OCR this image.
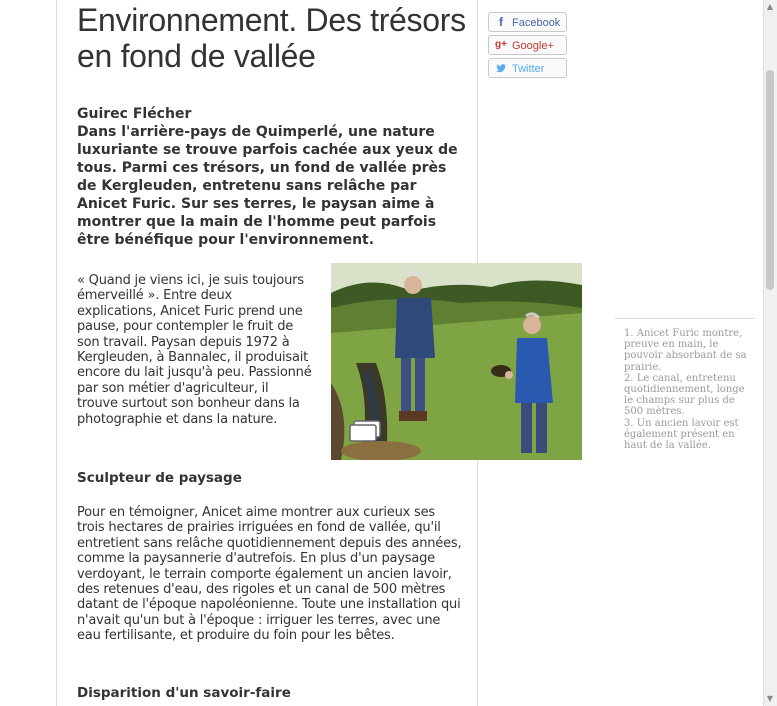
Environnement. Des trésors en fond de vallée

Guirec Flécher

Dans l'arrière-pays de Quimperlé, une nature luxuriante se trouve parfois cachée aux yeux de tous. Parmi ces trésors, un fond de vallée près de Kergleuden, entretenu sans relâche par Anicet Furic. Sur ses terres, le paysan aime à montrer que la main de l'homme peut parfois être bénéfique pour l'environnement.

« Quand je viens ici, je suis toujours émerveillé ». Entre deux explications, Anicet Furic prend une pause, pour contempler le fruit de son travail. Paysan depuis 1972 à Kergleuden, à Bannalec, il produisait encore du lait jusqu'à peu. Passionné par son métier d'agriculteur, il trouve surtout son bonheur dans la photographie et dans la nature.

Sculpteur de paysage

Pour en témoigner, Anicet aime montrer aux curieux ses trois hectares de prairies irriguées en fond de vallée, qu'il entretient sans relâche quotidiennement depuis des années, comme la paysannerie d'autrefois. En plus d'un paysage verdoyant, le terrain comporte également un ancien lavoir, des retenues d'eau, des rigoles et un canal de 500 mètres datant de l'époque napoléonienne. Toute une installation qui n'avait qu'un but à l'époque : irriguer les terres, avec une eau fertilisante, et produire du foin pour les bêtes.

Disparition d'un savoir-faire
f Facebook
g+ Google+
Twitter

1. Anicet Furic montre, preuve en main, le pouvoir absorbant de sa prairie.
2. Le canal, entretenu quotidiennement, longe le champs sur plus de 500 mètres.
3. Un ancien lavoir est également présent en haut de la vallée.

▲
▼
